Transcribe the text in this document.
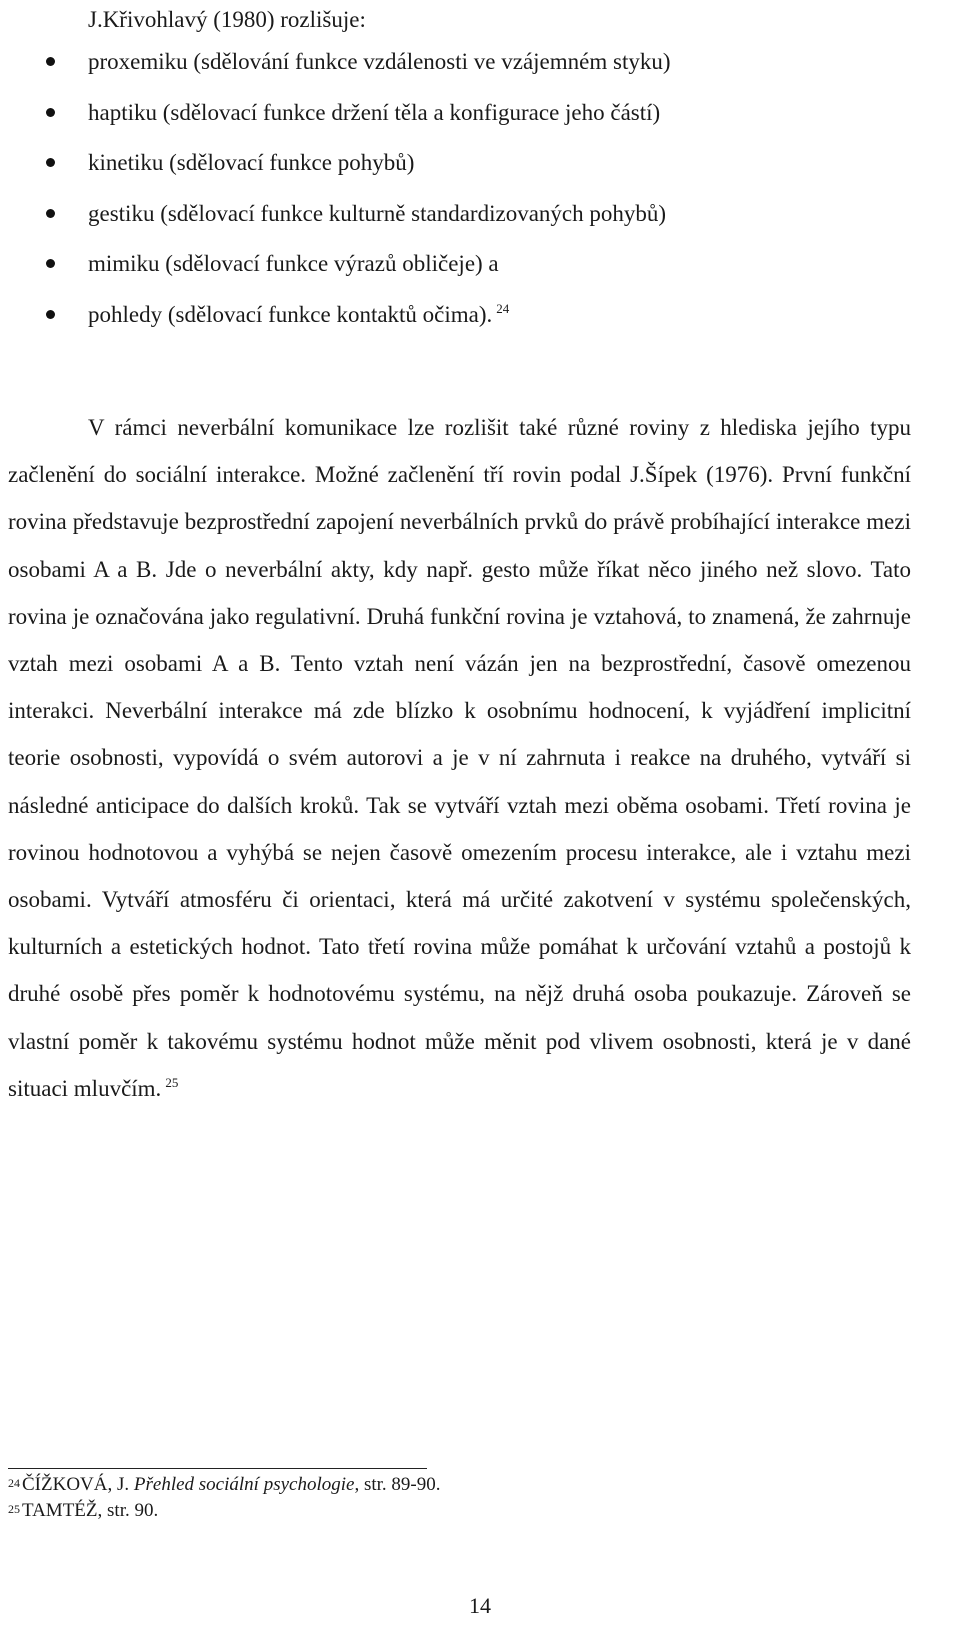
J.Křivohlavý (1980) rozlišuje:

proxemiku (sdělování funkce vzdálenosti ve vzájemném styku)
haptiku (sdělovací funkce držení těla a konfigurace jeho částí)
kinetiku (sdělovací funkce pohybů)
gestiku (sdělovací funkce kulturně standardizovaných pohybů)
mimiku (sdělovací funkce výrazů obličeje) a
pohledy (sdělovací funkce kontaktů očima). $^{24}$

V rámci neverbální komunikace lze rozlišit také různé roviny z hlediska jejího typu začlenění do sociální interakce. Možné začlenění tří rovin podal J.Šípek (1976). První funkční rovina představuje bezprostřední zapojení neverbálních prvků do právě probíhající interakce mezi osobami A a B. Jde o neverbální akty, kdy např. gesto může říkat něco jiného než slovo. Tato rovina je označována jako regulativní. Druhá funkční rovina je vztahová, to znamená, že zahrnuje vztah mezi osobami A a B. Tento vztah není vázán jen na bezprostřední, časově omezenou interakci. Neverbální interakce má zde blízko k osobnímu hodnocení, k vyjádření implicitní teorie osobnosti, vypovídá o svém autorovi a je v ní zahrnuta i reakce na druhého, vytváří si následné anticipace do dalších kroků. Tak se vytváří vztah mezi oběma osobami. Třetí rovina je rovinou hodnotovou a vyhýbá se nejen časově omezením procesu interakce, ale i vztahu mezi osobami. Vytváří atmosféru či orientaci, která má určité zakotvení v systému společenských, kulturních a estetických hodnot. Tato třetí rovina může pomáhat k určování vztahů a postojů k druhé osobě přes poměr k hodnotovému systému, na nějž druhá osoba poukazuje. Zároveň se vlastní poměr k takovému systému hodnot může měnit pod vlivem osobnosti, která je v dané situaci mluvčím. $^{25}$

$^{24}$ ČÍŽKOVÁ, J. Přehled sociální psychologie, str. 89-90.
$^{25}$ TAMTÉŽ, str. 90.
14
